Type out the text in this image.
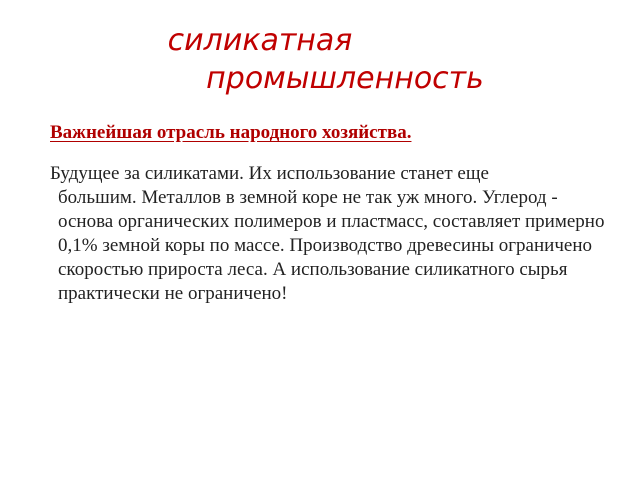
силикатная
промышленность

Важнейшая отрасль народного хозяйства.

Будущее за силикатами. Их использование станет еще
большим. Металлов в земной коре не так уж много. Углерод - основа органических полимеров и пластмасс, составляет примерно 0,1% земной коры по массе. Производство древесины ограничено скоростью прироста леса. А использование силикатного сырья практически не ограничено!
